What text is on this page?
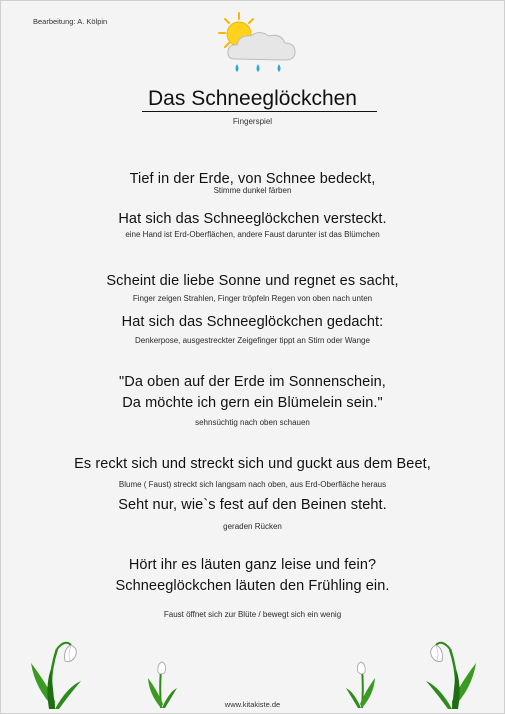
Bearbeitung: A. Kölpin
Das Schneeglöckchen
Fingerspiel
Tief in der Erde, von Schnee bedeckt,
Stimme dunkel färben
Hat sich das Schneeglöckchen versteckt.
eine Hand ist Erd-Oberflächen, andere Faust darunter ist das Blümchen
Scheint die liebe Sonne und regnet es sacht,
Finger zeigen Strahlen, Finger tröpfeln Regen von oben nach unten
Hat sich das Schneeglöckchen gedacht:
Denkerpose, ausgestreckter Zeigefinger tippt an Stirn oder Wange
"Da oben auf der Erde im Sonnenschein,
Da möchte ich gern ein Blümelein sein."
sehnsüchtig nach oben schauen
Es reckt sich und streckt sich und guckt aus dem Beet,
Blume ( Faust) streckt sich langsam nach oben, aus Erd-Oberfläche heraus
Seht nur, wie`s fest auf den Beinen steht.
geraden Rücken
Hört ihr es läuten ganz leise und fein?
Schneeglöckchen läuten den Frühling ein.
Faust öffnet sich zur Blüte / bewegt sich ein wenig
www.kitakiste.de
